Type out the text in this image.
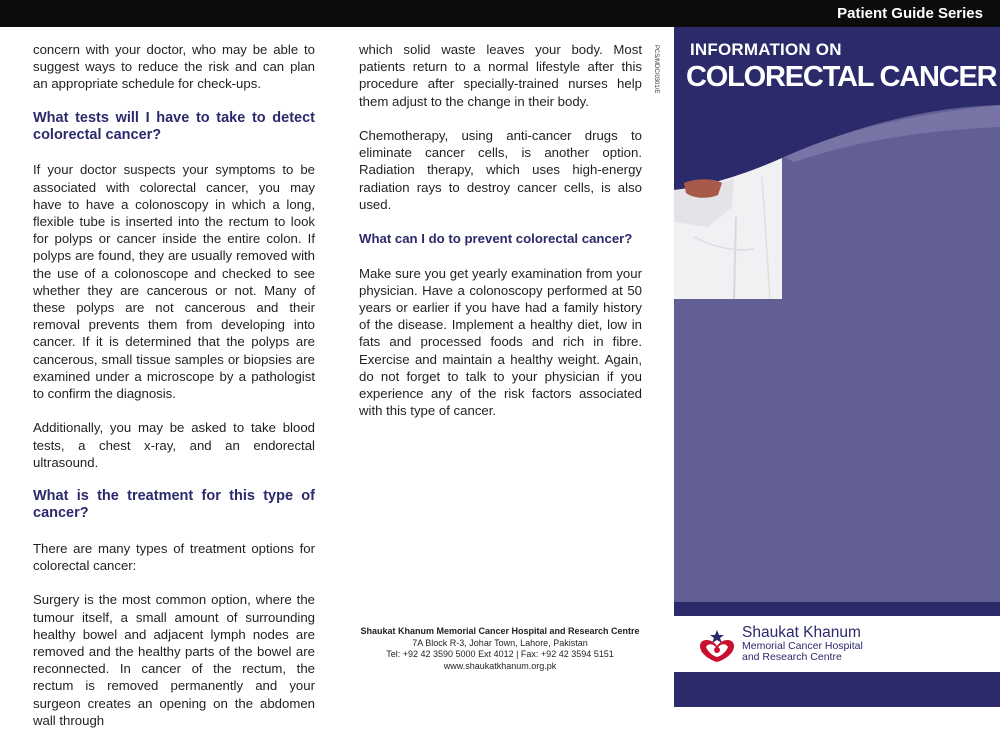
Patient Guide Series

concern with your doctor, who may be able to suggest ways to reduce the risk and can plan an appropriate schedule for check-ups.

What tests will I have to take to detect colorectal cancer?

If your doctor suspects your symptoms to be associated with colorectal cancer, you may have to have a colonoscopy in which a long, flexible tube is inserted into the rectum to look for polyps or cancer inside the entire colon. If polyps are found, they are usually removed with the use of a colonoscope and checked to see whether they are cancerous or not. Many of these polyps are not cancerous and their removal prevents them from developing into cancer. If it is determined that the polyps are cancerous, small tissue samples or biopsies are examined under a microscope by a pathologist to confirm the diagnosis.

Additionally, you may be asked to take blood tests, a chest x-ray, and an endorectal ultrasound.

What is the treatment for this type of cancer?

There are many types of treatment options for colorectal cancer:

Surgery is the most common option, where the tumour itself, a small amount of surrounding healthy bowel and adjacent lymph nodes are removed and the healthy parts of the bowel are reconnected. In cancer of the rectum, the rectum is removed permanently and your surgeon creates an opening on the abdomen wall through

which solid waste leaves your body. Most patients return to a normal lifestyle after this procedure after specially-trained nurses help them adjust to the change in their body.

Chemotherapy, using anti-cancer drugs to eliminate cancer cells, is another option. Radiation therapy, which uses high-energy radiation rays to destroy cancer cells, is also used.

What can I do to prevent colorectal cancer?

Make sure you get yearly examination from your physician. Have a colonoscopy performed at 50 years or earlier if you have had a family history of the disease. Implement a healthy diet, low in fats and processed foods and rich in fibre. Exercise and maintain a healthy weight. Again, do not forget to talk to your physician if you experience any of the risk factors associated with this type of cancer.

PCS/MDC/0301/E
Shaukat Khanum Memorial Cancer Hospital and Research Centre
7A Block R-3, Johar Town, Lahore, Pakistan
Tel: +92 42 3590 5000 Ext 4012 | Fax: +92 42 3594 5151
www.shaukatkhanum.org.pk
INFORMATION ON
COLORECTAL CANCER
Shaukat Khanum
Memorial Cancer Hospital
and Research Centre
